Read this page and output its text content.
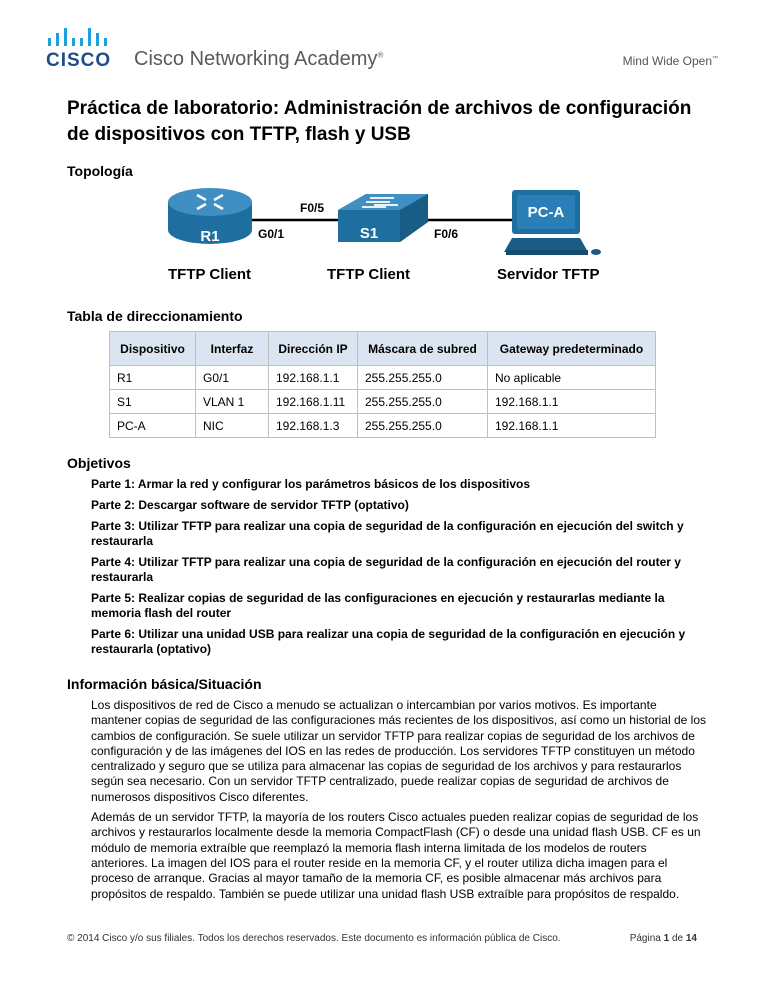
CISCO Cisco Networking Academy®	Mind Wide Open™
Práctica de laboratorio: Administración de archivos de configuración de dispositivos con TFTP, flash y USB
Topología
R1	G0/1	S1
F0/5
F0/6
PC-A
TFTP Client	TFTP Client	Servidor TFTP
Tabla de direccionamiento
Dispositivo	Interfaz	Dirección IP	Máscara de subred	Gateway predeterminado
R1	G0/1	192.168.1.1	255.255.255.0	No aplicable
S1	VLAN 1	192.168.1.11	255.255.255.0	192.168.1.1
PC-A	NIC	192.168.1.3	255.255.255.0	192.168.1.1
Objetivos

Parte 1: Armar la red y configurar los parámetros básicos de los dispositivos

Parte 2: Descargar software de servidor TFTP (optativo)

Parte 3: Utilizar TFTP para realizar una copia de seguridad de la configuración en ejecución del switch y restaurarla

Parte 4: Utilizar TFTP para realizar una copia de seguridad de la configuración en ejecución del router y restaurarla

Parte 5: Realizar copias de seguridad de las configuraciones en ejecución y restaurarlas mediante la memoria flash del router

Parte 6: Utilizar una unidad USB para realizar una copia de seguridad de la configuración en ejecución y restaurarla (optativo)

Información básica/Situación

Los dispositivos de red de Cisco a menudo se actualizan o intercambian por varios motivos. Es importante mantener copias de seguridad de las configuraciones más recientes de los dispositivos, así como un historial de los cambios de configuración. Se suele utilizar un servidor TFTP para realizar copias de seguridad de los archivos de configuración y de las imágenes del IOS en las redes de producción. Los servidores TFTP constituyen un método centralizado y seguro que se utiliza para almacenar las copias de seguridad de los archivos y para restaurarlos según sea necesario. Con un servidor TFTP centralizado, puede realizar copias de seguridad de archivos de numerosos dispositivos Cisco diferentes.

Además de un servidor TFTP, la mayoría de los routers Cisco actuales pueden realizar copias de seguridad de los archivos y restaurarlos localmente desde la memoria CompactFlash (CF) o desde una unidad flash USB. CF es un módulo de memoria extraíble que reemplazó la memoria flash interna limitada de los modelos de routers anteriores. La imagen del IOS para el router reside en la memoria CF, y el router utiliza dicha imagen para el proceso de arranque. Gracias al mayor tamaño de la memoria CF, es posible almacenar más archivos para propósitos de respaldo. También se puede utilizar una unidad flash USB extraíble para propósitos de respaldo.

© 2014 Cisco y/o sus filiales. Todos los derechos reservados. Este documento es información pública de Cisco.	Página 1 de 14
